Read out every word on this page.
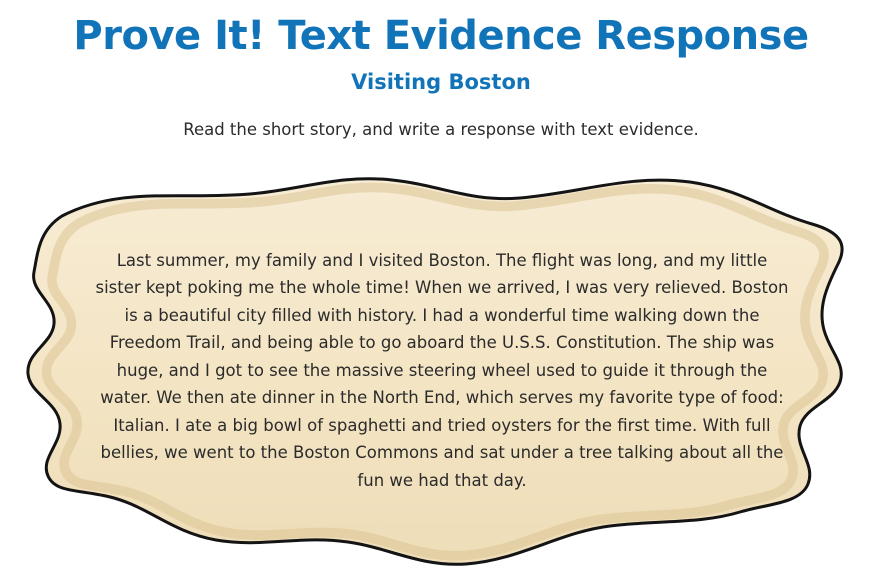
Prove It! Text Evidence Response
Visiting Boston

Read the short story, and write a response with text evidence.

Last summer, my family and I visited Boston. The flight was long, and my little sister kept poking me the whole time! When we arrived, I was very relieved. Boston is a beautiful city filled with history. I had a wonderful time walking down the Freedom Trail, and being able to go aboard the U.S.S. Constitution. The ship was huge, and I got to see the massive steering wheel used to guide it through the water. We then ate dinner in the North End, which serves my favorite type of food: Italian. I ate a big bowl of spaghetti and tried oysters for the first time. With full bellies, we went to the Boston Commons and sat under a tree talking about all the fun we had that day.
